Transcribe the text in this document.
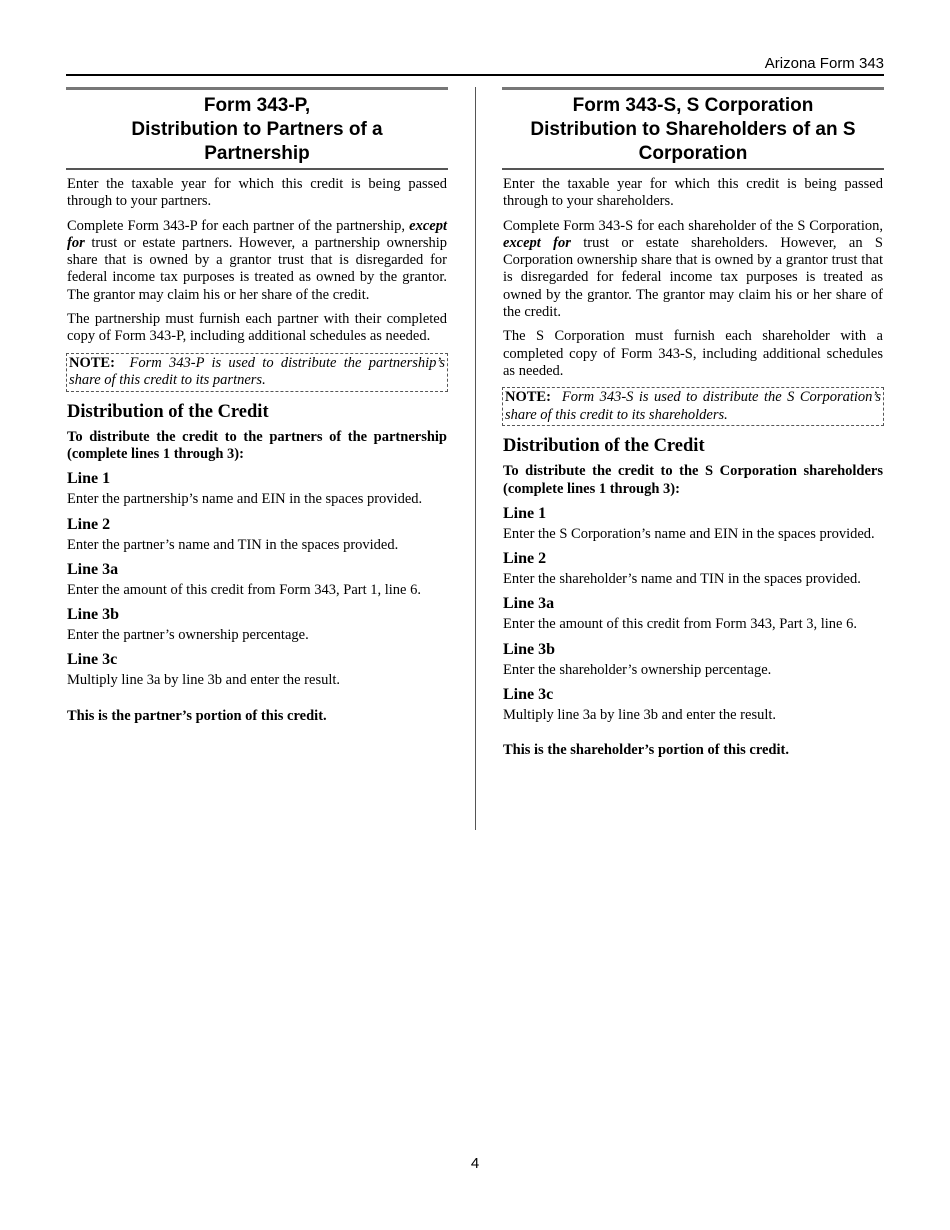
Arizona Form 343
Form 343-P,
Distribution to Partners of a
Partnership

Enter the taxable year for which this credit is being passed through to your partners.

Complete Form 343-P for each partner of the partnership, except for trust or estate partners. However, a partnership ownership share that is owned by a grantor trust that is disregarded for federal income tax purposes is treated as owned by the grantor. The grantor may claim his or her share of the credit.

The partnership must furnish each partner with their completed copy of Form 343-P, including additional schedules as needed.

NOTE: Form 343-P is used to distribute the partnership’s share of this credit to its partners.
Distribution of the Credit
To distribute the credit to the partners of the partnership (complete lines 1 through 3):
Line 1
Enter the partnership’s name and EIN in the spaces provided.
Line 2
Enter the partner’s name and TIN in the spaces provided.
Line 3a
Enter the amount of this credit from Form 343, Part 1, line 6.
Line 3b
Enter the partner’s ownership percentage.
Line 3c
Multiply line 3a by line 3b and enter the result.
This is the partner’s portion of this credit.
Form 343-S, S Corporation
Distribution to Shareholders of an S
Corporation

Enter the taxable year for which this credit is being passed through to your shareholders.

Complete Form 343-S for each shareholder of the S Corporation, except for trust or estate shareholders. However, an S Corporation ownership share that is owned by a grantor trust that is disregarded for federal income tax purposes is treated as owned by the grantor. The grantor may claim his or her share of the credit.

The S Corporation must furnish each shareholder with a completed copy of Form 343-S, including additional schedules as needed.

NOTE: Form 343-S is used to distribute the S Corporation’s share of this credit to its shareholders.
Distribution of the Credit
To distribute the credit to the S Corporation shareholders (complete lines 1 through 3):
Line 1
Enter the S Corporation’s name and EIN in the spaces provided.
Line 2
Enter the shareholder’s name and TIN in the spaces provided.
Line 3a
Enter the amount of this credit from Form 343, Part 3, line 6.
Line 3b
Enter the shareholder’s ownership percentage.
Line 3c
Multiply line 3a by line 3b and enter the result.
This is the shareholder’s portion of this credit.
4
